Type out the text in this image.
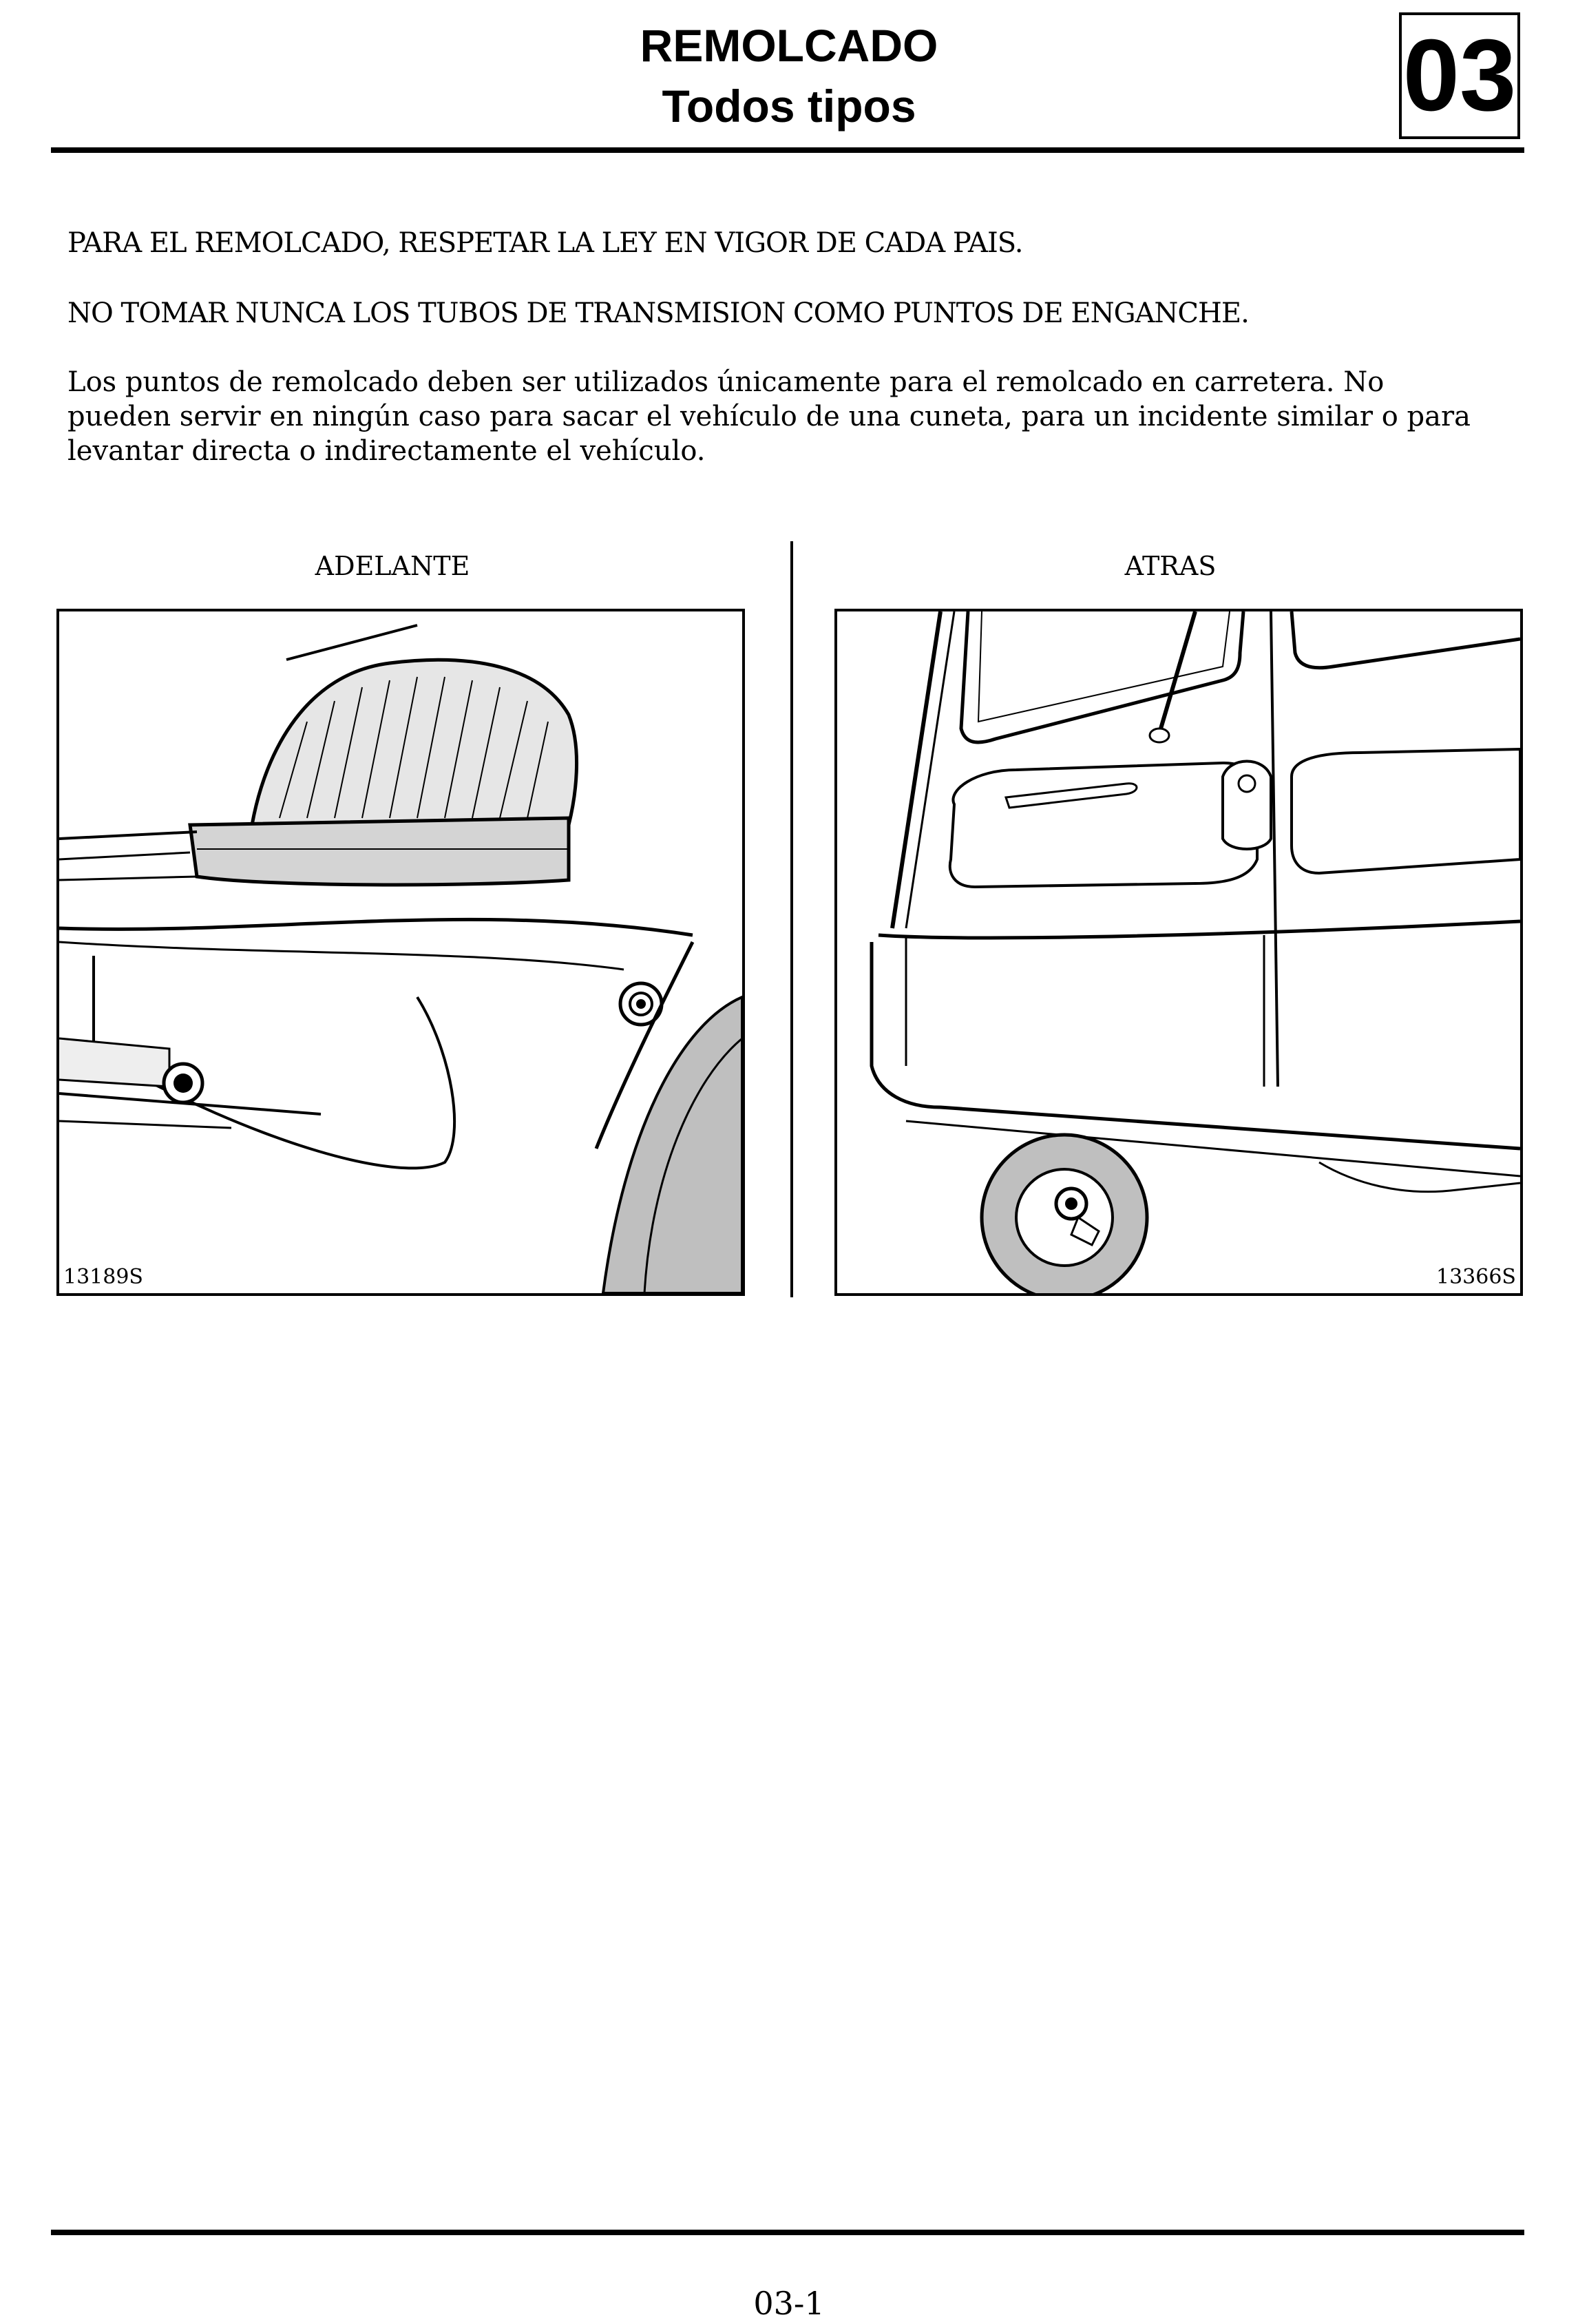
REMOLCADO
Todos tipos	03
PARA EL REMOLCADO, RESPETAR LA LEY EN VIGOR DE CADA PAIS.
NO TOMAR NUNCA LOS TUBOS DE TRANSMISION COMO PUNTOS DE ENGANCHE.
Los puntos de remolcado deben ser utilizados únicamente para el remolcado en carretera. No pueden servir en ningún caso para sacar el vehículo de una cuneta, para un incidente similar o para levantar directa o indirectamente el vehículo.
ADELANTE	ATRAS
13189S	13366S
03-1
